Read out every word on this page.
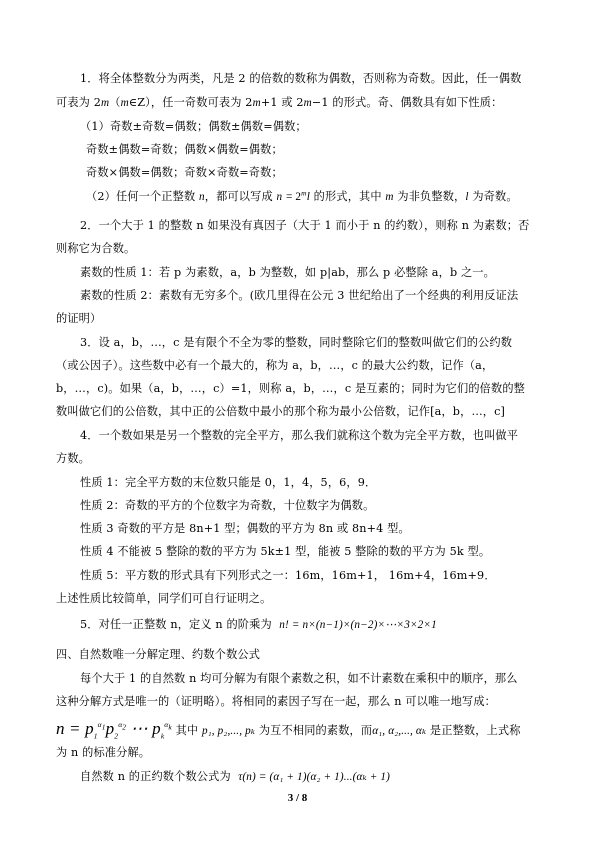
1．将全体整数分为两类，凡是 2 的倍数的数称为偶数，否则称为奇数。因此，任一偶数
可表为 2m（m∈Z），任一奇数可表为 2m+1 或 2m−1 的形式。奇、偶数具有如下性质：
（1）奇数±奇数=偶数；偶数±偶数=偶数；
奇数±偶数=奇数；偶数×偶数=偶数；
奇数×偶数=偶数；奇数×奇数=奇数；
（2）任何一个正整数 n，都可以写成 $n = 2^ml$ 的形式，其中 m 为非负整数，l 为奇数。
2．一个大于 1 的整数 n 如果没有真因子（大于 1 而小于 n 的约数），则称 n 为素数；否
则称它为合数。
素数的性质 1：若 p 为素数，a，b 为整数，如 p|ab，那么 p 必整除 a，b 之一。
素数的性质 2：素数有无穷多个。(欧几里得在公元 3 世纪给出了一个经典的利用反证法
的证明）
3．设 a，b，…，c 是有限个不全为零的整数，同时整除它们的整数叫做它们的公约数
（或公因子）。这些数中必有一个最大的，称为 a，b，…，c 的最大公约数，记作（a，
b，…，c)。如果（a，b，…，c）=1，则称 a，b，…，c 是互素的；同时为它们的倍数的整
数叫做它们的公倍数，其中正的公倍数中最小的那个称为最小公倍数，记作[a，b，…，c]
4．一个数如果是另一个整数的完全平方，那么我们就称这个数为完全平方数，也叫做平
方数。
性质 1：完全平方数的末位数只能是 0，1，4，5，6，9．
性质 2：奇数的平方的个位数字为奇数，十位数字为偶数。
性质 3 奇数的平方是 8n+1 型；偶数的平方为 8n 或 8n+4 型。
性质 4 不能被 5 整除的数的平方为 5k±1 型，能被 5 整除的数的平方为 5k 型。
性质 5：平方数的形式具有下列形式之一：16m，16m+1， 16m+4，16m+9．
上述性质比较简单，同学们可自行证明之。
5．对任一正整数 n，定义 n 的阶乘为 n! = n×(n−1)×(n−2)×⋯×3×2×1
四、自然数唯一分解定理、约数个数公式
每个大于 1 的自然数 n 均可分解为有限个素数之积，如不计素数在乘积中的顺序，那么
这种分解方式是唯一的（证明略）。将相同的素因子写在一起，那么 n 可以唯一地写成：
$n = p_1^{\alpha_1}p_2^{\alpha_2}$ ⋯ $p_k^{\alpha_k}$ 其中 p₁, p₂,..., pₖ 为互不相同的素数，而α₁, α₂,..., αₖ 是正整数，上式称
为 n 的标准分解。
自然数 n 的正约数个数公式为 τ(n) = (α₁ + 1)(α₂ + 1)...(αₖ + 1)
3 / 8
